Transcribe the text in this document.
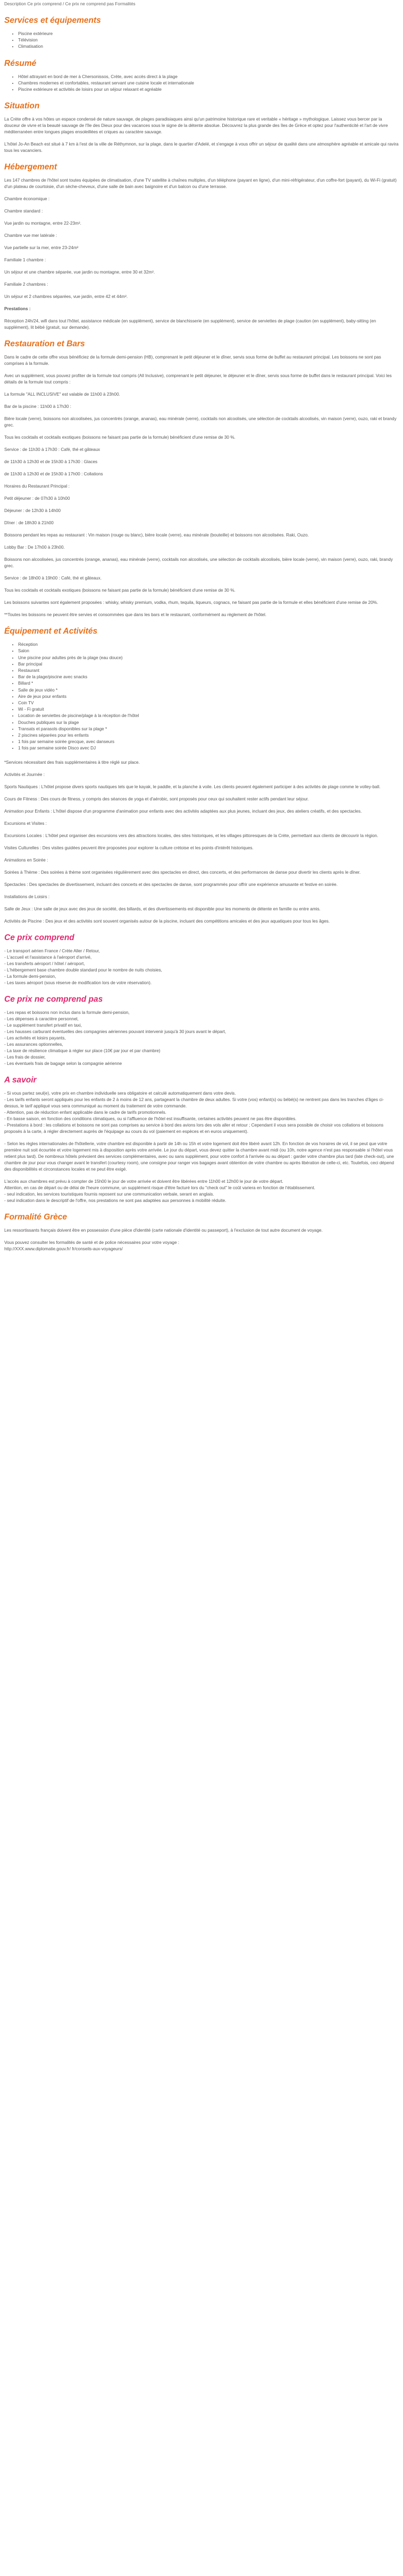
Description Ce prix comprend / Ce prix ne comprend pas Formalités
Services et équipements
• Piscine extérieure
• Télévision
• Climatisation
Résumé
• Hôtel attrayant en bord de mer à Chersonissos, Crète, avec accès direct à la plage
• Chambres modernes et confortables, restaurant servant une cuisine locale et internationale
• Piscine extérieure et activités de loisirs pour un séjour relaxant et agréable
Situation

La Crète offre à vos hôtes un espace condensé de nature sauvage, de plages paradisiaques ainsi qu'un patrimoine historique rare et veritable « héritage » mythologique. Laissez vous bercer par la douceur de vivre et la beauté sauvage de l'île des Dieux pour des vacances sous le signe de la détente absolue. Découvrez la plus grande des îles de Grèce et optez pour l'authenticité et l'art de vivre méditerranéen entre longues plages ensoleillées et criques au caractère sauvage.

L'hôtel Jo-An Beach est situé à 7 km à l'est de la ville de Réthymnon, sur la plage, dans le quartier d'Adelé, et s'engage à vous offrir un séjour de qualité dans une atmosphère agréable et amicale qui ravira tous les vacanciers.

Hébergement

Les 147 chambres de l'hôtel sont toutes équipées de climatisation, d'une TV satellite à chaînes multiples, d'un téléphone (payant en ligne), d'un mini-réfrigérateur, d'un coffre-fort (payant), du Wi-Fi (gratuit) d'un plateau de courtoisie, d'un sèche-cheveux, d'une salle de bain avec baignoire et d'un balcon ou d'une terrasse.

Chambre économique :

Chambre standard :

Vue jardin ou montagne, entre 22-23m².

Chambre vue mer latérale :

Vue partielle sur la mer, entre 23-24m²

Familiale 1 chambre :

Un séjour et une chambre séparée, vue jardin ou montagne, entre 30 et 32m².

Familiale 2 chambres :

Un séjour et 2 chambres séparées, vue jardin, entre 42 et 44m².

Prestations :

Réception 24h/24, wifi dans tout l'hôtel, assistance médicale (en supplément), service de blanchisserie (en supplément), service de serviettes de plage (caution (en supplément), baby-sitting (en supplément), lit bébé (gratuit, sur demande).

Restauration et Bars

Dans le cadre de cette offre vous bénéficiez de la formule demi-pension (HB), comprenant le petit déjeuner et le dîner, servis sous forme de buffet au restaurant principal. Les boissons ne sont pas comprises à la formule.

Avec un supplément, vous pouvez profiter de la formule tout compris (All Inclusive), comprenant le petit déjeuner, le déjeuner et le dîner, servis sous forme de buffet dans le restaurant principal. Voici les détails de la formule tout compris :

La formule "ALL INCLUSIVE" est valable de 11h00 à 23h00.

Bar de la piscine : 11h00 à 17h30 :

Bière locale (verre), boissons non alcoolisées, jus concentrés (orange, ananas), eau minérale (verre), cocktails non alcoolisés, une sélection de cocktails alcoolisés, vin maison (verre), ouzo, raki et brandy grec.

Tous les cocktails et cocktails exotiques (boissons ne faisant pas partie de la formule) bénéficient d'une remise de 30 %.

Service : de 11h30 à 17h30 : Café, thé et gâteaux

de 11h30 à 12h30 et de 15h30 à 17h30 : Glaces

de 11h30 à 12h30 et de 15h30 à 17h00 : Collations

Horaires du Restaurant Principal :

Petit déjeuner : de 07h30 à 10h00

Déjeuner : de 12h30 à 14h00

Dîner : de 18h30 à 21h00

Boissons pendant les repas au restaurant : Vin maison (rouge ou blanc), bière locale (verre), eau minérale (bouteille) et boissons non alcoolisées. Raki, Ouzo.

Lobby Bar : De 17h00 à 23h00.

Boissons non alcoolisées, jus concentrés (orange, ananas), eau minérale (verre), cocktails non alcoolisés, une sélection de cocktails alcoolisés, bière locale (verre), vin maison (verre), ouzo, raki, brandy grec.

Service : de 18h00 à 19h00 : Café, thé et gâteaux.

Tous les cocktails et cocktails exotiques (boissons ne faisant pas partie de la formule) bénéficient d'une remise de 30 %.

Les boissons suivantes sont également proposées : whisky, whisky premium, vodka, rhum, tequila, liqueurs, cognacs, ne faisant pas partie de la formule et elles bénéficient d'une remise de 20%.

**Toutes les boissons ne peuvent être servies et consommées que dans les bars et le restaurant, conformément au règlement de l'hôtel.

Équipement et Activités
• Réception
• Salon
• Une piscine pour adultes près de la plage (eau douce)
• Bar principal
• Restaurant
• Bar de la plage/piscine avec snacks
• Billard *
• Salle de jeux vidéo *
• Aire de jeux pour enfants
• Coin TV
• Wi - Fi gratuit
• Location de serviettes de piscine/plage à la réception de l'hôtel
• Douches publiques sur la plage
• Transats et parasols disponibles sur la plage *
• 2 piscines séparées pour les enfants
• 1 fois par semaine soirée grecque, avec danseurs
• 1 fois par semaine soirée Disco avec DJ

*Services nécessitant des frais supplémentaires à titre réglé sur place.

Activités et Journée :

Sports Nautiques : L'hôtel propose divers sports nautiques tels que le kayak, le paddle, et la planche à voile. Les clients peuvent également participer à des activités de plage comme le volley-ball.

Cours de Fitness : Des cours de fitness, y compris des séances de yoga et d'aérobic, sont proposés pour ceux qui souhaitent rester actifs pendant leur séjour.

Animation pour Enfants : L'hôtel dispose d'un programme d'animation pour enfants avec des activités adaptées aux plus jeunes, incluant des jeux, des ateliers créatifs, et des spectacles.

Excursions et Visites :

Excursions Locales : L'hôtel peut organiser des excursions vers des attractions locales, des sites historiques, et les villages pittoresques de la Crète, permettant aux clients de découvrir la région.

Visites Culturelles : Des visites guidées peuvent être proposées pour explorer la culture crétoise et les points d'intérêt historiques.

Animations en Soirée :

Soirées à Thème : Des soirées à thème sont organisées régulièrement avec des spectacles en direct, des concerts, et des performances de danse pour divertir les clients après le dîner.

Spectacles : Des spectacles de divertissement, incluant des concerts et des spectacles de danse, sont programmés pour offrir une expérience amusante et festive en soirée.

Installations de Loisirs :

Salle de Jeux : Une salle de jeux avec des jeux de société, des billards, et des divertissements est disponible pour les moments de détente en famille ou entre amis.

Activités de Piscine : Des jeux et des activités sont souvent organisés autour de la piscine, incluant des compétitions amicales et des jeux aquatiques pour tous les âges.

Ce prix comprend

- Le transport aérien France / Crète Aller / Retour,

- L'accueil et l'assistance à l'aéroport d'arrivé,

- Les transferts aéroport / hôtel / aéroport,

- L'hébergement base chambre double standard pour le nombre de nuits choisies,

- La formule demi-pension,

- Les taxes aéroport (sous réserve de modification lors de votre réservation).

Ce prix ne comprend pas

- Les repas et boissons non inclus dans la formule demi-pension,

- Les dépenses à caractère personnel,

- Le supplément transfert privatif en taxi,

- Les hausses carburant éventuelles des compagnies aériennes pouvant intervenir jusqu'à 30 jours avant le départ,

- Les activités et loisirs payants,

- Les assurances optionnelles,

- La taxe de résilience climatique à régler sur place (10€ par jour et par chambre)

- Les frais de dossier,

- Les éventuels frais de bagage selon la compagnie aérienne

A savoir

- Si vous partez seul(e), votre prix en chambre individuelle sera obligatoire et calculé automatiquement dans votre devis.
- Les tarifs enfants seront appliqués pour les enfants de 2 à moins de 12 ans, partageant la chambre de deux adultes. Si votre (vos) enfant(s) ou bébé(s) ne rentrent pas dans les tranches d'âges ci-dessus, le tarif appliqué vous sera communiqué au moment du traitement de votre commande.
- Attention, pas de réduction enfant applicable dans le cadre de tarifs promotionnels.
- En basse saison, en fonction des conditions climatiques, ou si l'affluence de l'hôtel est insuffisante, certaines activités peuvent ne pas être disponibles.
- Prestations à bord : les collations et boissons ne sont pas comprises au service à bord des avions lors des vols aller et retour ; Cependant il vous sera possible de choisir vos collations et boissons proposés à la carte, à régler directement auprès de l'équipage au cours du vol (paiement en espèces et en euros uniquement).

- Selon les règles internationales de l'hôtellerie, votre chambre est disponible à partir de 14h ou 15h et votre logement doit être libéré avant 12h. En fonction de vos horaires de vol, il se peut que votre première nuit soit écourtée et votre logement mis à disposition après votre arrivée. Le jour du départ, vous devez quitter la chambre avant midi (ou 10h, notre agence n'est pas responsable si l'hôtel vous retient plus tard). De nombreux hôtels prévoient des services complémentaires, avec ou sans supplément, pour votre confort à l'arrivée ou au départ : garder votre chambre plus tard (late check-out), une chambre de jour pour vous changer avant le transfert (courtesy room), une consigne pour ranger vos bagages avant obtention de votre chambre ou après libération de celle-ci, etc. Toutefois, ceci dépend des disponibilités et circonstances locales et ne peut être exigé.

L'accès aux chambres est prévu à compter de 15h00 le jour de votre arrivée et doivent être libérées entre 11h00 et 12h00 le jour de votre départ.
Attention, en cas de départ ou de délai de l'heure commune, un supplément risque d'être facturé lors du "check out" le coût variera en fonction de l'établissement.
- seul indication, les services touristiques fournis reposent sur une communication verbale, serant en anglais.
- seul indication dans le descriptif de l'offre, nos prestations ne sont pas adaptées aux personnes à mobilité réduite.

Formalité Grèce

Les ressortissants français doivent être en possession d'une pièce d'identité (carte nationale d'identité ou passeport), à l'exclusion de tout autre document de voyage.

Vous pouvez consulter les formalités de santé et de police nécessaires pour votre voyage :
http://XXX.www.diplomatie.gouv.fr/ fr/conseils-aux-voyageurs/
